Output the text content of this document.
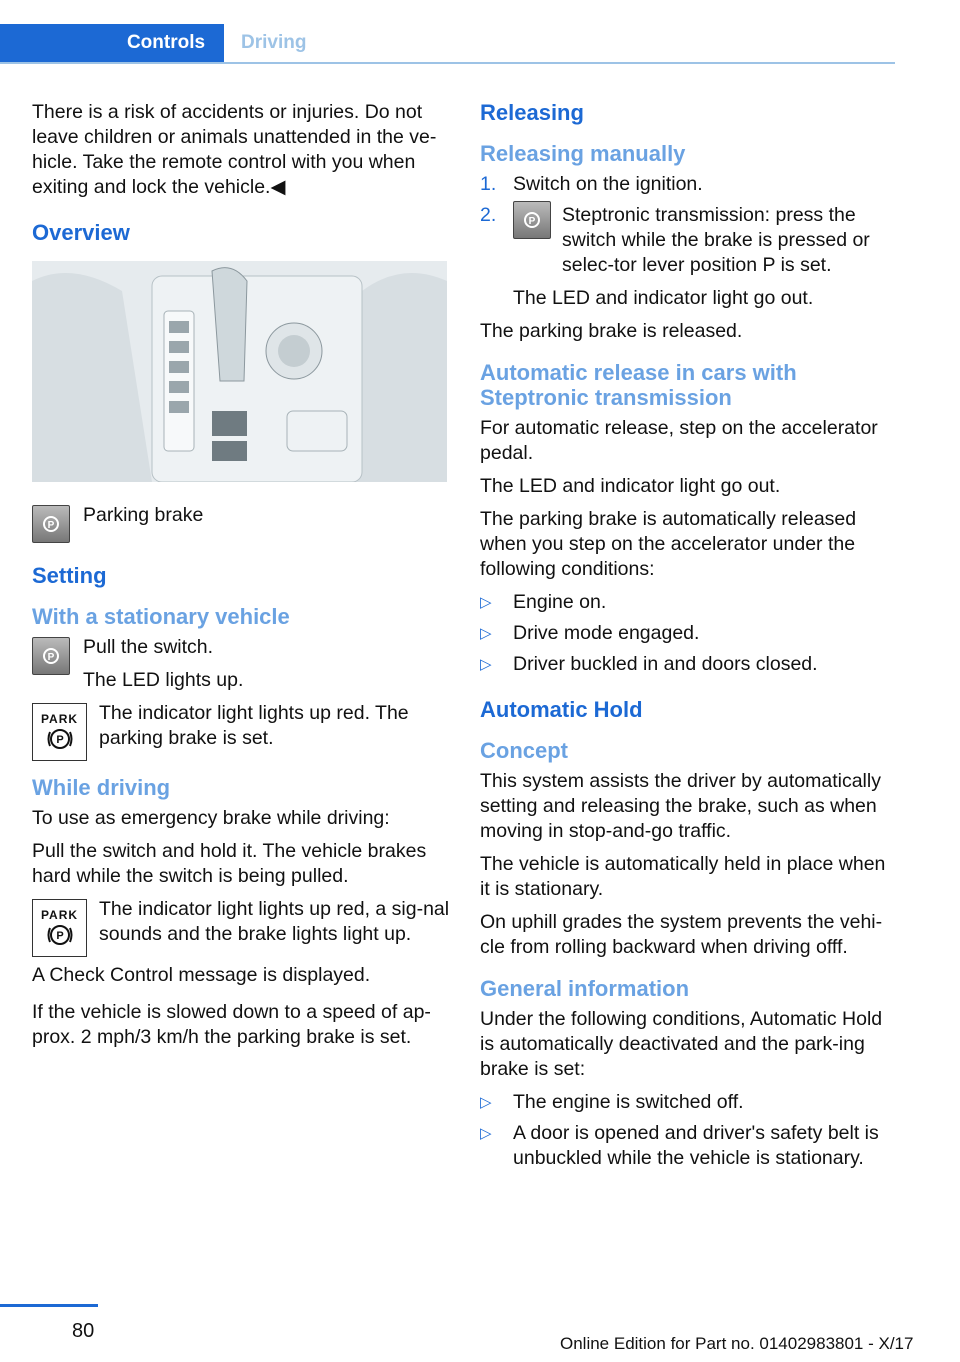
Controls	Driving

There is a risk of accidents or injuries. Do not leave children or animals unattended in the ve‐hicle. Take the remote control with you when exiting and lock the vehicle.◀

Overview
P	Parking brake
Setting
With a stationary vehicle
P Pull the switch.

The LED lights up.

PARK
P
The indicator light lights up red. The parking brake is set.
While driving

To use as emergency brake while driving:

Pull the switch and hold it. The vehicle brakes hard while the switch is being pulled.

PARK
P
The indicator light lights up red, a sig‐nal sounds and the brake lights light up.

A Check Control message is displayed.

If the vehicle is slowed down to a speed of ap‐prox. 2 mph/3 km/h the parking brake is set.

Releasing
Releasing manually
1. Switch on the ignition.
2.	P Steptronic transmission: press the switch while the brake is pressed or selec‐tor lever position P is set.

The LED and indicator light go out.

The parking brake is released.

Automatic release in cars with Steptronic transmission

For automatic release, step on the accelerator pedal.

The LED and indicator light go out.

The parking brake is automatically released when you step on the accelerator under the following conditions:

▷ Engine on.
▷ Drive mode engaged.
▷ Driver buckled in and doors closed.
Automatic Hold
Concept

This system assists the driver by automatically setting and releasing the brake, such as when moving in stop-and-go traffic.

The vehicle is automatically held in place when it is stationary.

On uphill grades the system prevents the vehi‐cle from rolling backward when driving offf.

General information

Under the following conditions, Automatic Hold is automatically deactivated and the park‐ing brake is set:

▷ The engine is switched off.
▷ A door is opened and driver's safety belt is unbuckled while the vehicle is stationary.
80
Online Edition for Part no. 01402983801 - X/17
